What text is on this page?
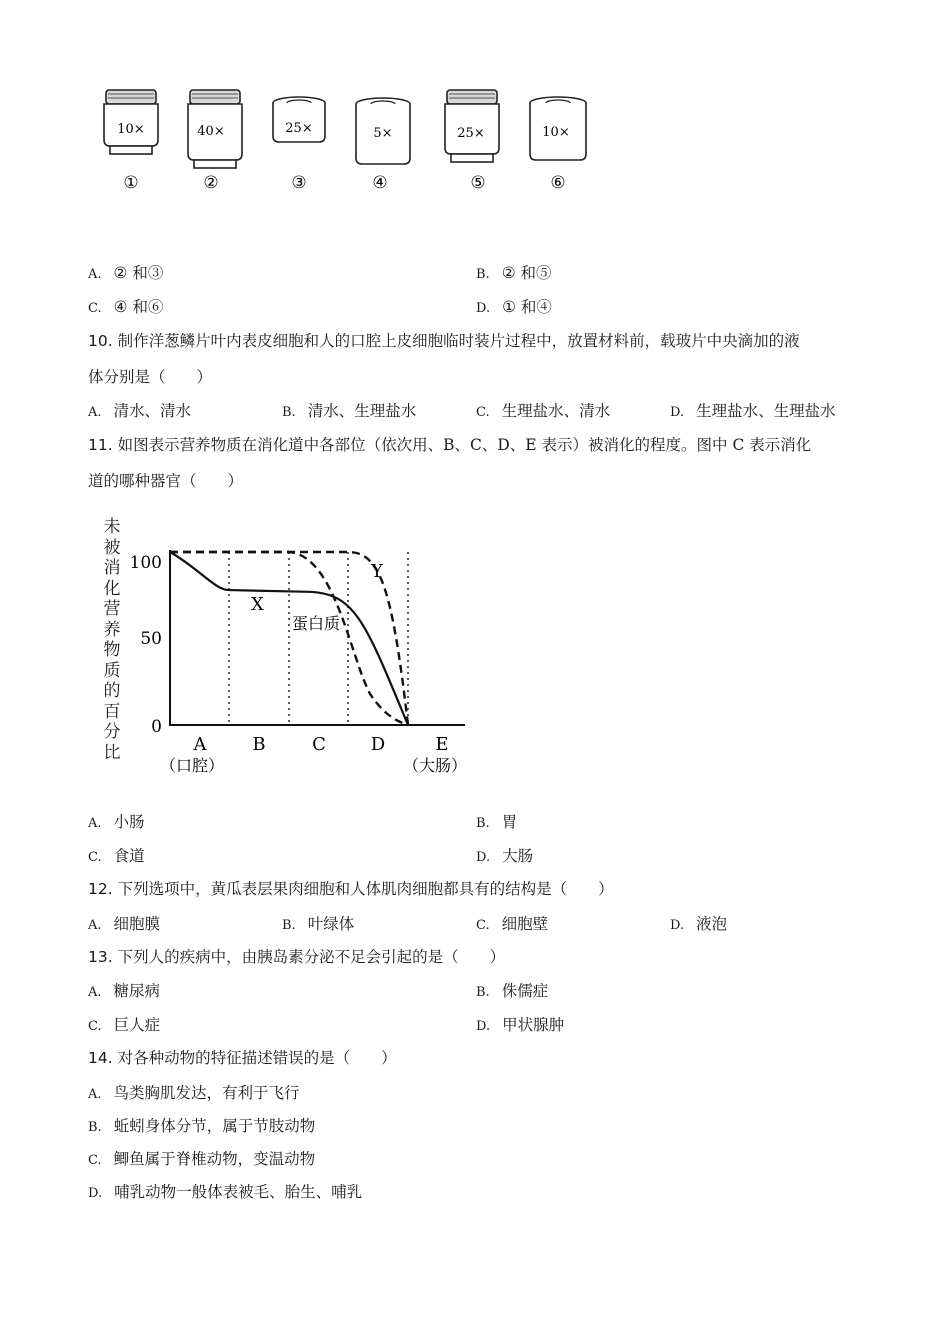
10×
①
40×
②
25×
③
5×
④
25×
⑤
10×
⑥
A. ② 和③	B. ② 和⑤
C. ④ 和⑥	D. ① 和④
10. 制作洋葱鳞片叶内表皮细胞和人的口腔上皮细胞临时装片过程中，放置材料前，载玻片中央滴加的液
体分别是（　　）
A. 清水、清水	B. 清水、生理盐水	C. 生理盐水、清水	D. 生理盐水、生理盐水
11. 如图表示营养物质在消化道中各部位（依次用、B、C、D、E 表示）被消化的程度。图中 C 表示消化
道的哪种器官（　　）
未被消化营养物质的百分比
100
50
0
X
蛋白质
Y
A	B	C D	E
（口腔）	（大肠）
A. 小肠	B. 胃
C. 食道	D. 大肠
12. 下列选项中，黄瓜表层果肉细胞和人体肌肉细胞都具有的结构是（　　）
A. 细胞膜	B. 叶绿体	C. 细胞壁	D. 液泡
13. 下列人的疾病中，由胰岛素分泌不足会引起的是（　　）
A. 糖尿病	B. 侏儒症
C. 巨人症	D. 甲状腺肿
14. 对各种动物的特征描述错误的是（　　）
A. 鸟类胸肌发达，有利于飞行
B. 蚯蚓身体分节，属于节肢动物
C. 鲫鱼属于脊椎动物，变温动物
D. 哺乳动物一般体表被毛、胎生、哺乳
